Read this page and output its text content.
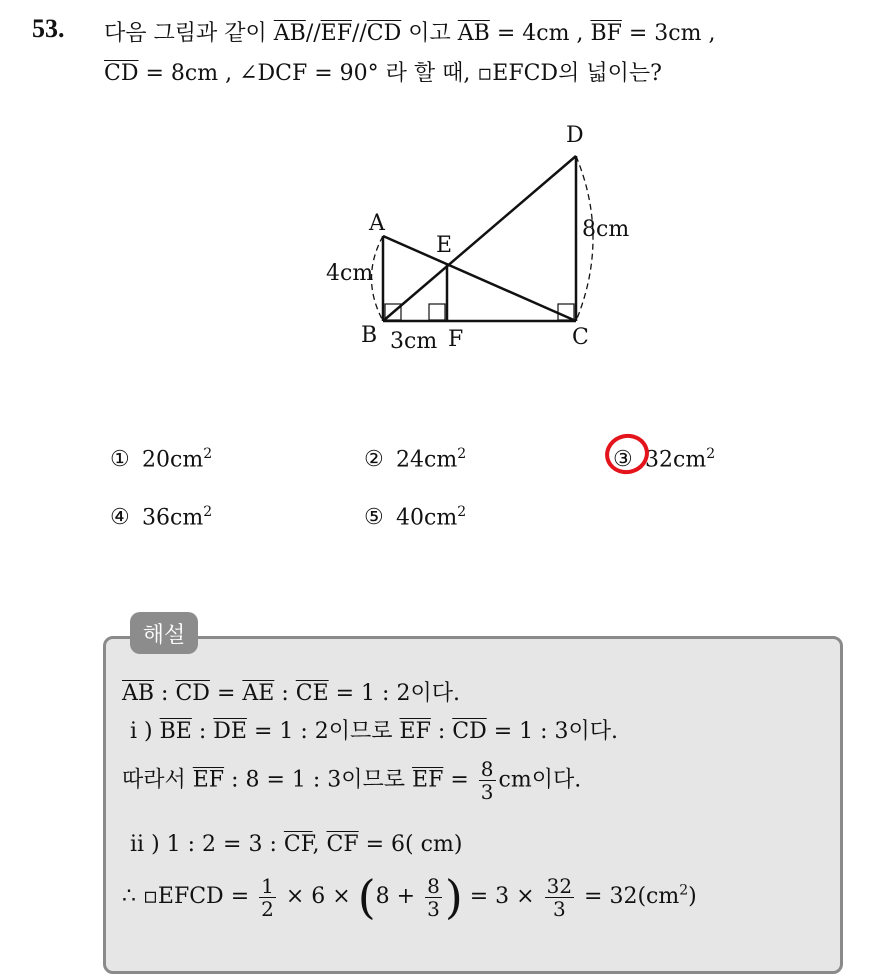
53. 다음 그림과 같이 $\overline{AB}//\overline{EF}//\overline{CD}$ 이고 $\overline{AB} = 4cm$ , $\overline{BF} = 3cm$ ,
$\overline{CD} = 8cm$ , ∠DCF = 90° 라 할 때, ▫EFCD의 넓이는?
A
B	C
D
E
F
4cm
3cm
8cm
① $20cm^2$	② $24cm^2$	③ $32cm^2$
④ $36cm^2$	⑤ $40cm^2$
해설
$\overline{AB}$ : $\overline{CD} = \overline{AE}$ : $\overline{CE} = 1$ : 2이다.
i ) $\overline{BE}$ : $\overline{DE} = 1$ : 2이므로 $\overline{EF}$ : $\overline{CD} = 1$ : 3이다.
따라서 $\overline{EF}$ : 8 = 1 : 3이므로 $\overline{EF} = \frac{8}{3}$ cm이다.
ii ) 1 : 2 = 3 : $\overline{CF}$, $\overline{CF} = 6$( cm)
∴ ▫EFCD = $\frac{1}{2} \times 6 \times (8 + \frac{8}{3}$ ) = $3 \times \frac{32}{3} = 32(cm^2)$
